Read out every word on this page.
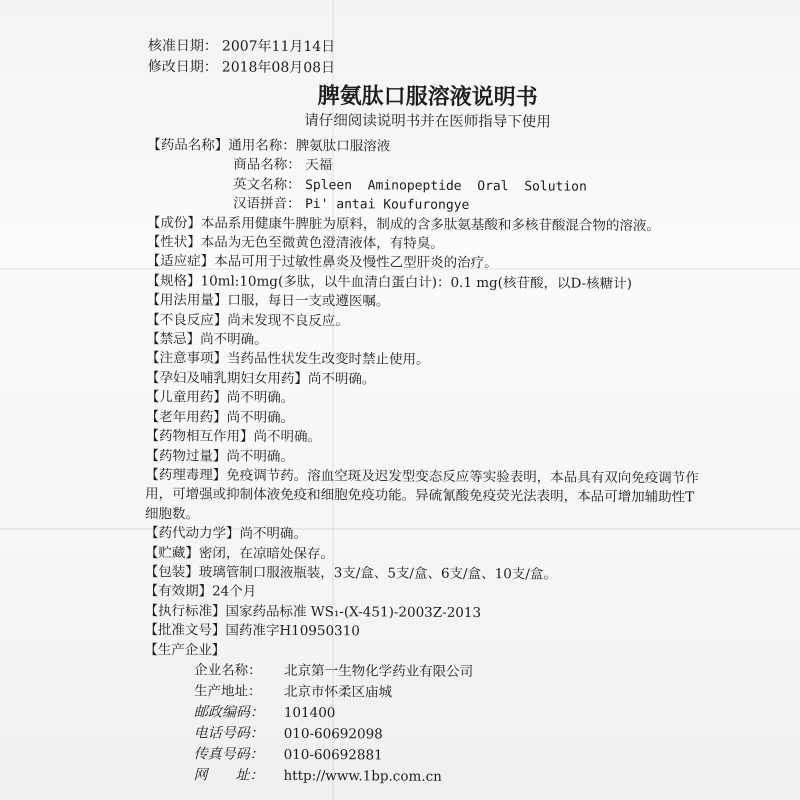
核准日期： 2007年11月14日
修改日期： 2018年08月08日
脾氨肽口服溶液说明书
请仔细阅读说明书并在医师指导下使用
【药品名称】通用名称：脾氨肽口服溶液
商品名称： 天福
英文名称： Spleen  Aminopeptide  Oral  Solution
汉语拼音： Pi' antai Koufurongye
【成份】本品系用健康牛脾脏为原料，制成的含多肽氨基酸和多核苷酸混合物的溶液。
【性状】本品为无色至微黄色澄清液体，有特臭。
【适应症】本品可用于过敏性鼻炎及慢性乙型肝炎的治疗。
【规格】10ml:10mg(多肽，以牛血清白蛋白计)：0.1 mg(核苷酸，以D-核糖计)
【用法用量】口服，每日一支或遵医嘱。
【不良反应】尚未发现不良反应。
【禁忌】尚不明确。
【注意事项】当药品性状发生改变时禁止使用。
【孕妇及哺乳期妇女用药】尚不明确。
【儿童用药】尚不明确。
【老年用药】尚不明确。
【药物相互作用】尚不明确。
【药物过量】尚不明确。
【药理毒理】免疫调节药。溶血空斑及迟发型变态反应等实验表明，本品具有双向免疫调节作用，可增强或抑制体液免疫和细胞免疫功能。异硫氰酸免疫荧光法表明，本品可增加辅助性T细胞数。
【药代动力学】尚不明确。
【贮藏】密闭，在凉暗处保存。
【包装】玻璃管制口服液瓶装，3支/盒、5支/盒、6支/盒、10支/盒。
【有效期】24个月
【执行标准】国家药品标准 WS₁-(X-451)-2003Z-2013
【批准文号】国药准字H10950310
【生产企业】
企业名称：	北京第一生物化学药业有限公司
生产地址：	北京市怀柔区庙城
邮政编码：	101400
电话号码：	010-60692098
传真号码：	010-60692881
网　　址：	http://www.1bp.com.cn
